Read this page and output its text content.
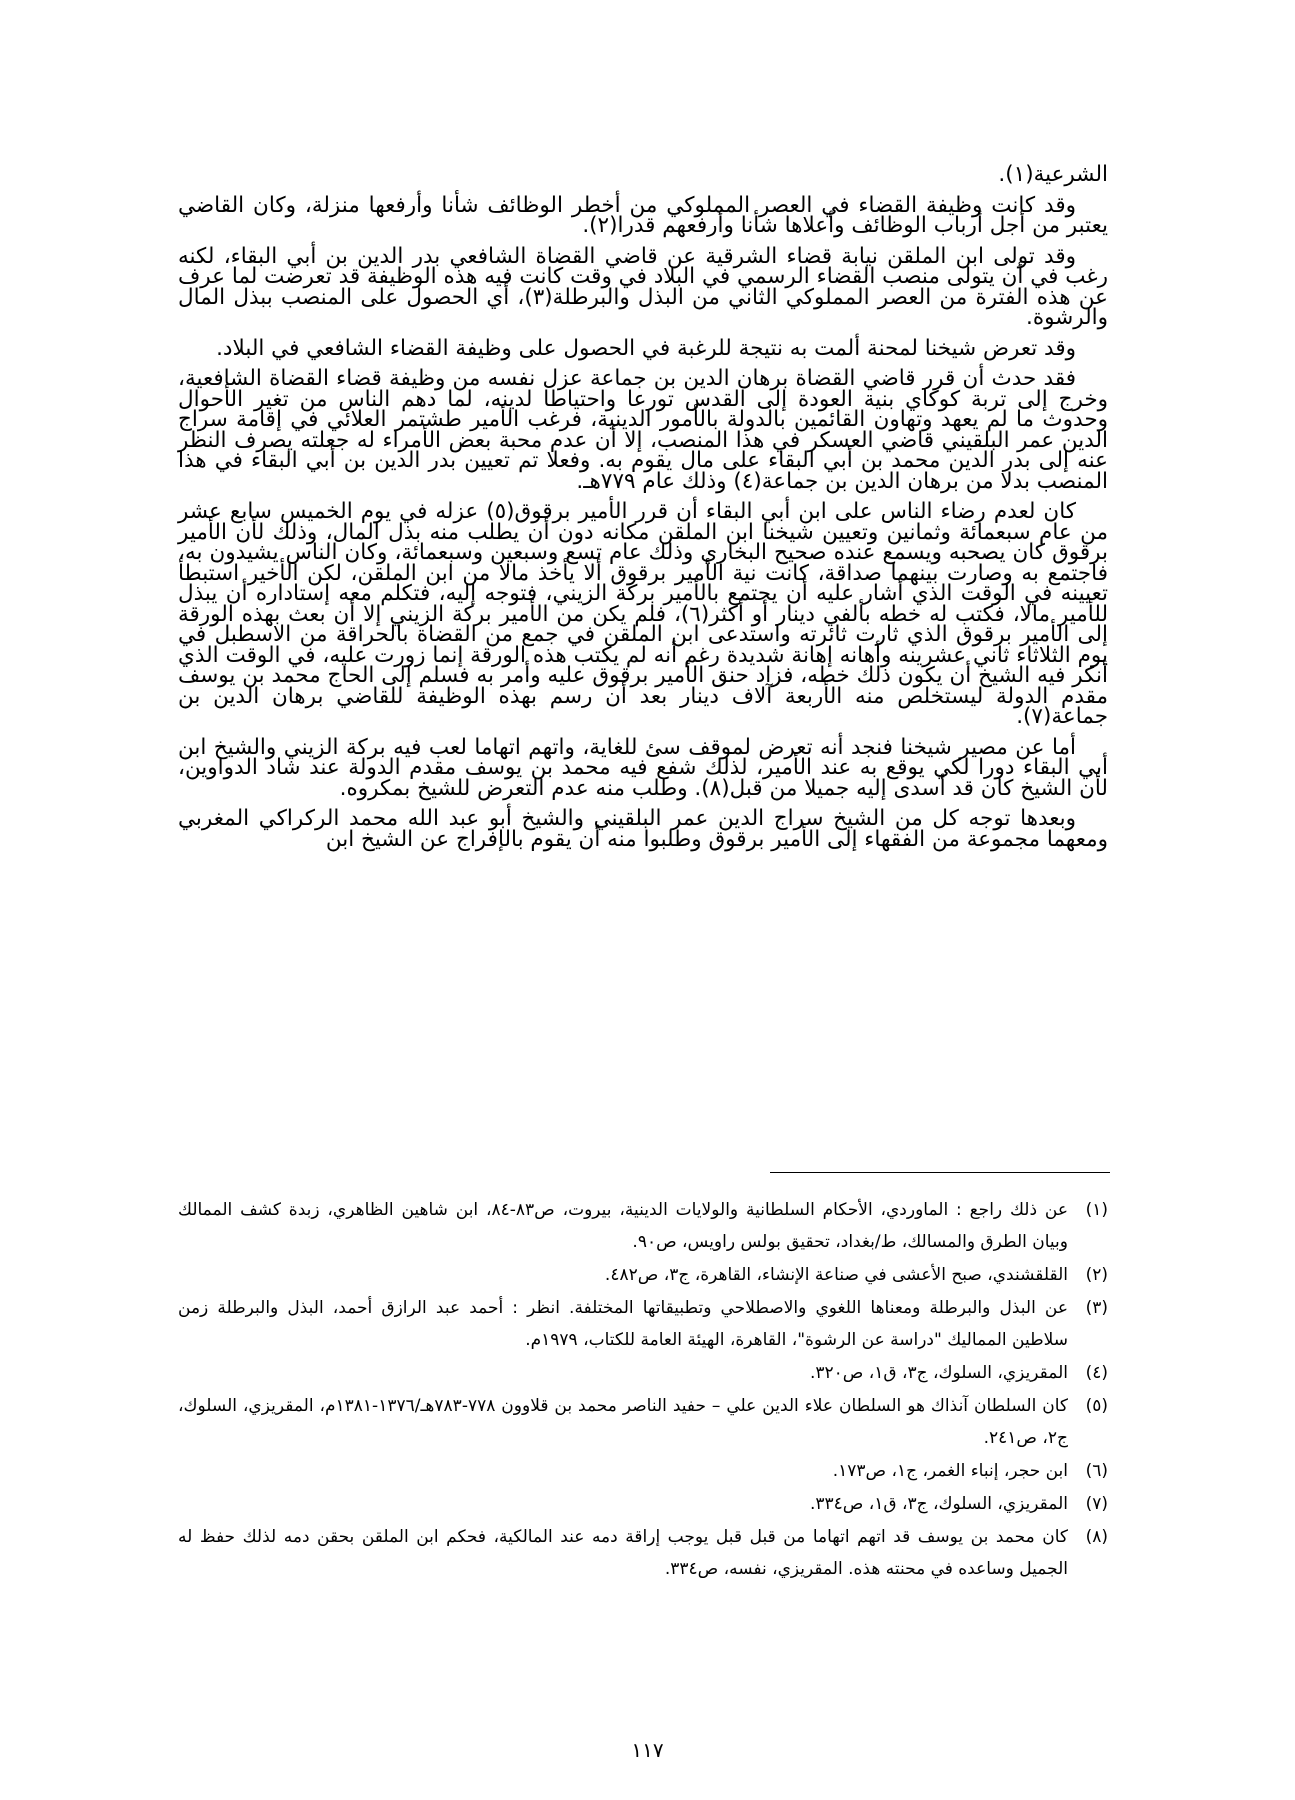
الشرعية(١).

وقد كانت وظيفة القضاء في العصر المملوكي من أخطر الوظائف شأنا وأرفعها منزلة، وكان القاضي يعتبر من أجل أرباب الوظائف وأعلاها شأنا وأرفعهم قدرا(٢).

وقد تولى ابن الملقن نيابة قضاء الشرقية عن قاضي القضاة الشافعي بدر الدين بن أبي البقاء، لكنه رغب في أن يتولى منصب القضاء الرسمي في البلاد في وقت كانت فيه هذه الوظيفة قد تعرضت لما عرف عن هذه الفترة من العصر المملوكي الثاني من البذل والبرطلة(٣)، أي الحصول على المنصب ببذل المال والرشوة.

وقد تعرض شيخنا لمحنة ألمت به نتيجة للرغبة في الحصول على وظيفة القضاء الشافعي في البلاد.

فقد حدث أن قرر قاضي القضاة برهان الدين بن جماعة عزل نفسه من وظيفة قضاء القضاة الشافعية، وخرج إلى تربة كوكاي بنية العودة إلى القدس تورعا واحتياطا لدينه، لما دهم الناس من تغير الأحوال وحدوث ما لم يعهد وتهاون القائمين بالدولة بالأمور الدينية، فرغب الأمير طشتمر العلائي في إقامة سراج الدين عمر البلقيني قاضي العسكر في هذا المنصب، إلا أن عدم محبة بعض الأمراء له جعلته يصرف النظر عنه إلى بدر الدين محمد بن أبي البقاء على مال يقوم به. وفعلا تم تعيين بدر الدين بن أبي البقاء في هذا المنصب بدلا من برهان الدين بن جماعة(٤) وذلك عام ٧٧٩هـ.

كان لعدم رضاء الناس على ابن أبي البقاء أن قرر الأمير برقوق(٥) عزله في يوم الخميس سابع عشر من عام سبعمائة وثمانين وتعيين شيخنا ابن الملقن مكانه دون أن يطلب منه بذل المال، وذلك لأن الأمير برقوق كان يصحبه ويسمع عنده صحيح البخاري وذلك عام تسع وسبعين وسبعمائة، وكان الناس يشيدون به، فاجتمع به وصارت بينهما صداقة، كانت نية الأمير برقوق ألا يأخذ مالا من ابن الملقن، لكن الأخير استبطأ تعيينه في الوقت الذي أشار عليه أن يجتمع بالأمير بركة الزيني، فتوجه إليه، فتكلم معه إستاداره أن يبذل للأمير مالا، فكتب له خطه بألفي دينار أو أكثر(٦)، فلم يكن من الأمير بركة الزيني إلا أن بعث بهذه الورقة إلى الأمير برقوق الذي ثارت ثائرته واستدعى ابن الملقن في جمع من القضاة بالحراقة من الاسطبل في يوم الثلاثاء ثاني عشرينه وأهانه إهانة شديدة رغم أنه لم يكتب هذه الورقة إنما زورت عليه، في الوقت الذي أنكر فيه الشيخ أن يكون ذلك خطه، فزاد حنق الأمير برقوق عليه وأمر به فسلم إلى الحاج محمد بن يوسف مقدم الدولة ليستخلص منه الأربعة آلاف دينار بعد أن رسم بهذه الوظيفة للقاضي برهان الدين بن جماعة(٧).

أما عن مصير شيخنا فنجد أنه تعرض لموقف سئ للغاية، واتهم اتهاما لعب فيه بركة الزيني والشيخ ابن أبي البقاء دورا لكي يوقع به عند الأمير، لذلك شفع فيه محمد بن يوسف مقدم الدولة عند شاد الدواوين، لأن الشيخ كان قد أسدى إليه جميلا من قبل(٨). وطلب منه عدم التعرض للشيخ بمكروه.

وبعدها توجه كل من الشيخ سراج الدين عمر البلقيني والشيخ أبو عبد الله محمد الركراكي المغربي ومعهما مجموعة من الفقهاء إلى الأمير برقوق وطلبوا منه أن يقوم بالإفراج عن الشيخ ابن

(١)
عن ذلك راجع : الماوردي، الأحكام السلطانية والولايات الدينية، بيروت، ص٨٣-٨٤، ابن شاهين الظاهري، زبدة كشف الممالك وبيان الطرق والمسالك، ط/بغداد، تحقيق بولس راويس، ص٩٠.
(٢)
القلقشندي، صبح الأعشى في صناعة الإنشاء، القاهرة، ج٣، ص٤٨٢.
(٣)
عن البذل والبرطلة ومعناها اللغوي والاصطلاحي وتطبيقاتها المختلفة. انظر : أحمد عبد الرازق أحمد، البذل والبرطلة زمن سلاطين المماليك "دراسة عن الرشوة"، القاهرة، الهيئة العامة للكتاب، ١٩٧٩م.
(٤)
المقريزي، السلوك، ج٣، ق١، ص٣٢٠.
(٥)
كان السلطان آنذاك هو السلطان علاء الدين علي – حفيد الناصر محمد بن قلاوون ٧٧٨-٧٨٣هـ/١٣٧٦-١٣٨١م، المقريزي، السلوك، ج٢، ص٢٤١.
(٦)
ابن حجر، إنباء الغمر، ج١، ص١٧٣.
(٧)
المقريزي، السلوك، ج٣، ق١، ص٣٣٤.
(٨)
كان محمد بن يوسف قد اتهم اتهاما من قبل قبل يوجب إراقة دمه عند المالكية، فحكم ابن الملقن بحقن دمه لذلك حفظ له الجميل وساعده في محنته هذه. المقريزي، نفسه، ص٣٣٤.
١١٧
